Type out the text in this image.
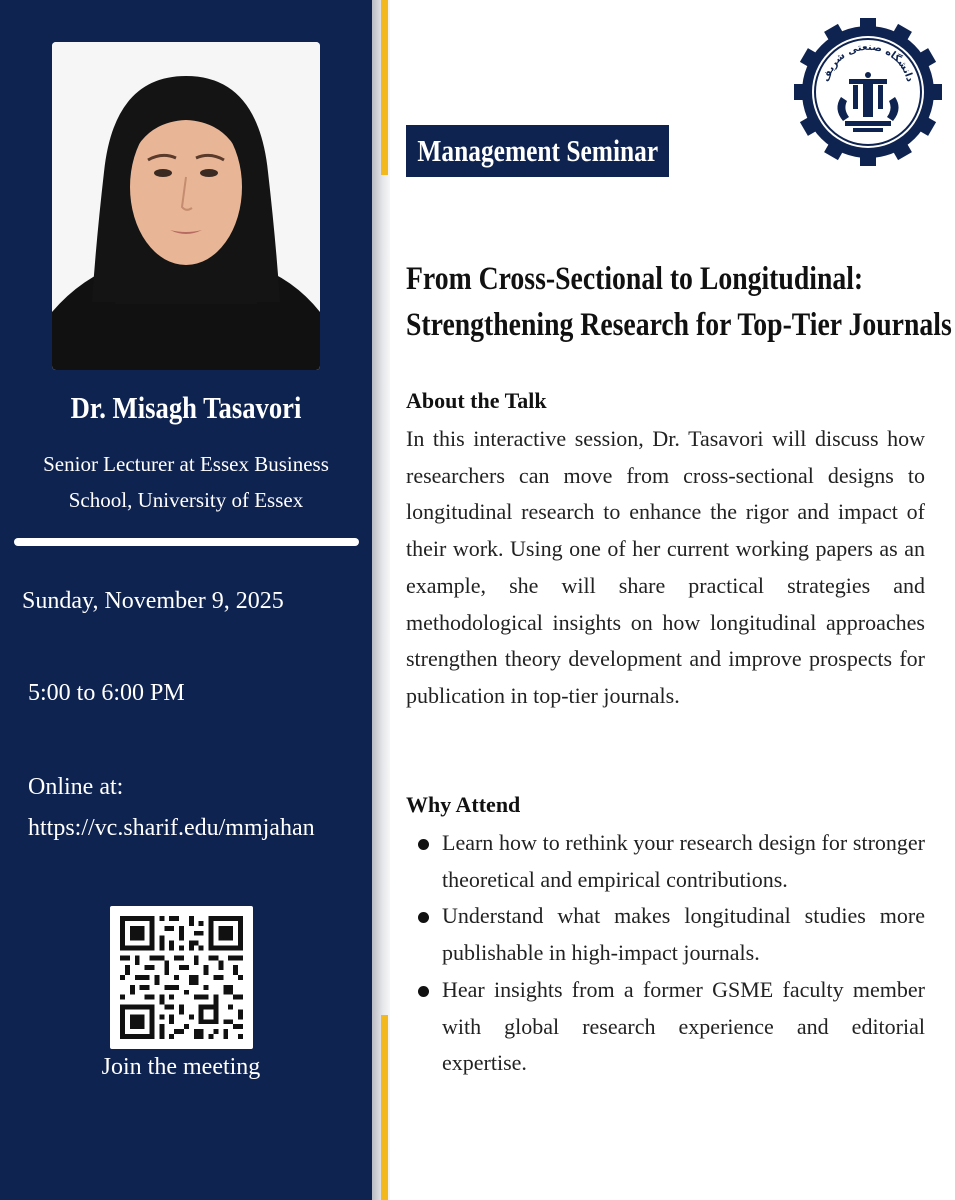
Dr. Misagh Tasavori
Senior Lecturer at Essex Business School, University of Essex
Sunday, November 9, 2025
5:00 to 6:00 PM
Online at:
https://vc.sharif.edu/mmjahan
Join the meeting
دانشگاه صنعتی شریف
Management Seminar
From Cross-Sectional to Longitudinal:
Strengthening Research for Top-Tier Journals
About the Talk
In this interactive session, Dr. Tasavori will discuss how researchers can move from cross-sectional designs to longitudinal research to enhance the rigor and impact of their work. Using one of her current working papers as an example, she will share practical strategies and methodological insights on how longitudinal approaches strengthen theory development and improve prospects for publication in top-tier journals.
Why Attend
Learn how to rethink your research design for stronger theoretical and empirical contributions.
Understand what makes longitudinal studies more publishable in high-impact journals.
Hear insights from a former GSME faculty member with global research experience and editorial expertise.
